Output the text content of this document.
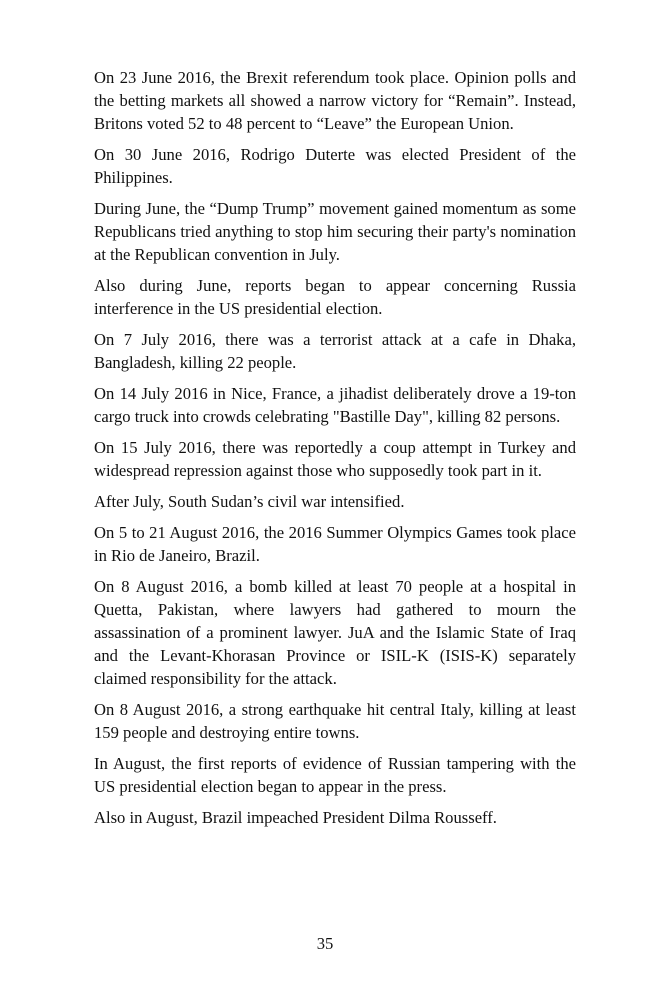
On 23 June 2016, the Brexit referendum took place. Opinion polls and the betting markets all showed a narrow victory for “Remain”. Instead, Britons voted 52 to 48 percent to “Leave” the European Union.

On 30 June 2016, Rodrigo Duterte was elected President of the Philippines.

During June, the “Dump Trump” movement gained momentum as some Republicans tried anything to stop him securing their party's nomination at the Republican convention in July.

Also during June, reports began to appear concerning Russia interference in the US presidential election.

On 7 July 2016, there was a terrorist attack at a cafe in Dhaka, Bangladesh, killing 22 people.

On 14 July 2016 in Nice, France, a jihadist deliberately drove a 19-ton cargo truck into crowds celebrating "Bastille Day", killing 82 persons.

On 15 July 2016, there was reportedly a coup attempt in Turkey and widespread repression against those who supposedly took part in it.

After July, South Sudan’s civil war intensified.

On 5 to 21 August 2016, the 2016 Summer Olympics Games took place in Rio de Janeiro, Brazil.

On 8 August 2016, a bomb killed at least 70 people at a hospital in Quetta, Pakistan, where lawyers had gathered to mourn the assassination of a prominent lawyer. JuA and the Islamic State of Iraq and the Levant-Khorasan Province or ISIL-K (ISIS-K) separately claimed responsibility for the attack.

On 8 August 2016, a strong earthquake hit central Italy, killing at least 159 people and destroying entire towns.

In August, the first reports of evidence of Russian tampering with the US presidential election began to appear in the press.

Also in August, Brazil impeached President Dilma Rousseff.

35
